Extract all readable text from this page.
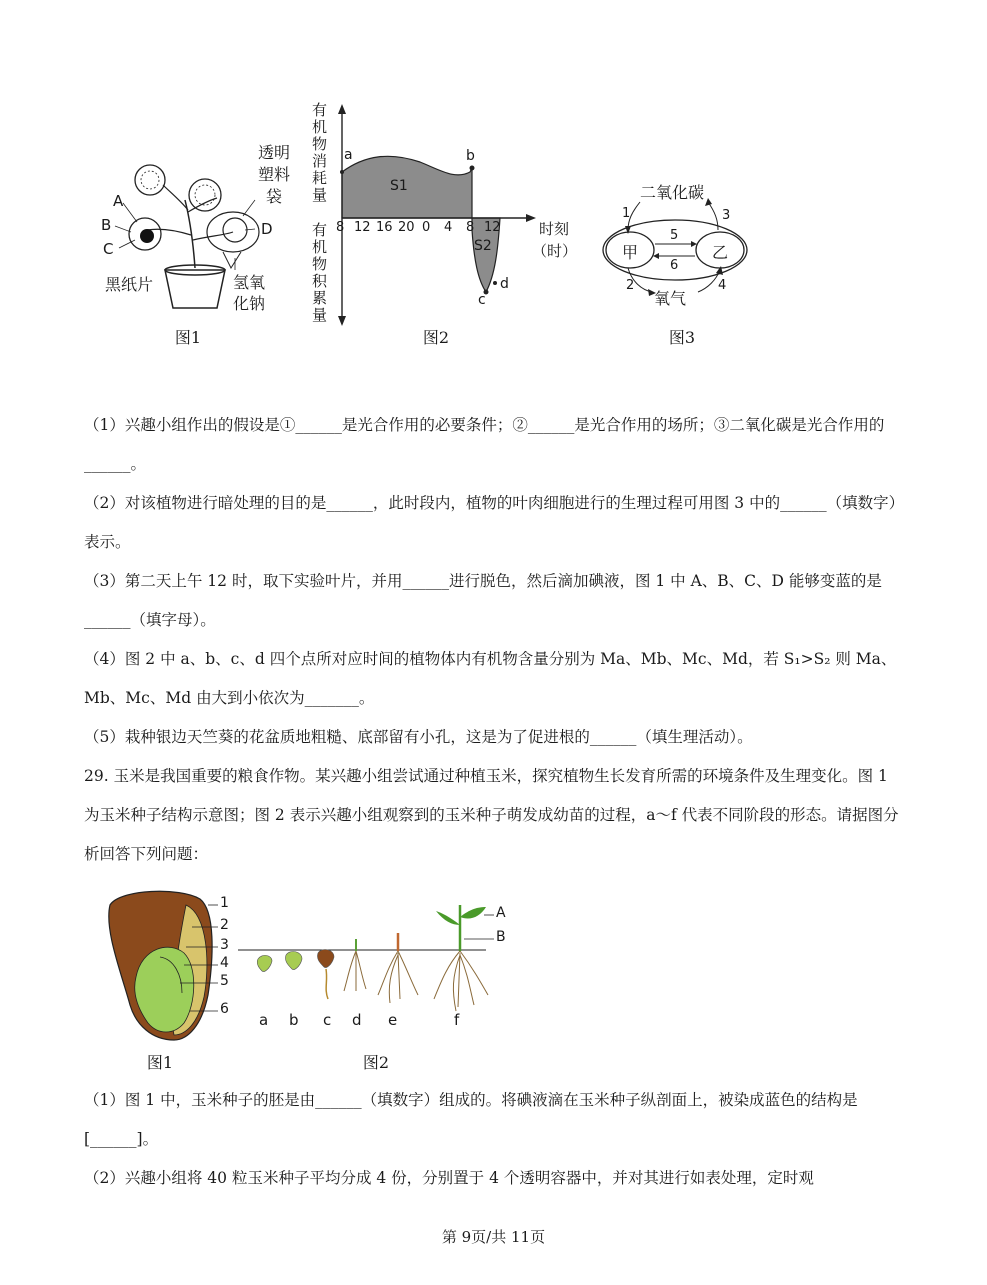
A
B
C
D
透明塑料袋
黑纸片	氢氧化钠
图1
有机物消耗量
有机物积累量
a	b
c
d
S1
S2
8 12 16 20 0 4 8 12	时刻（时）
图2
二氧化碳
氧气
甲	乙
1
2
3
4
5
6
图3

（1）兴趣小组作出的假设是①______是光合作用的必要条件；②______是光合作用的场所；③二氧化碳是光合作用的______。

（2）对该植物进行暗处理的目的是______，此时段内，植物的叶肉细胞进行的生理过程可用图 3 中的______（填数字）表示。

（3）第二天上午 12 时，取下实验叶片，并用______进行脱色，然后滴加碘液，图 1 中 A、B、C、D 能够变蓝的是______（填字母）。

（4）图 2 中 a、b、c、d 四个点所对应时间的植物体内有机物含量分别为 Ma、Mb、Mc、Md，若 S₁>S₂ 则 Ma、Mb、Mc、Md 由大到小依次为_______。

（5）栽种银边天竺葵的花盆质地粗糙、底部留有小孔，这是为了促进根的______（填生理活动）。

29. 玉米是我国重要的粮食作物。某兴趣小组尝试通过种植玉米，探究植物生长发育所需的环境条件及生理变化。图 1 为玉米种子结构示意图；图 2 表示兴趣小组观察到的玉米种子萌发成幼苗的过程，a～f 代表不同阶段的形态。请据图分析回答下列问题：

1
2
3
4
5
6
图1
A
B
a b c d e	f
图2

（1）图 1 中，玉米种子的胚是由______（填数字）组成的。将碘液滴在玉米种子纵剖面上，被染成蓝色的结构是[______]。

（2）兴趣小组将 40 粒玉米种子平均分成 4 份，分别置于 4 个透明容器中，并对其进行如表处理，定时观

第 9页/共 11页
